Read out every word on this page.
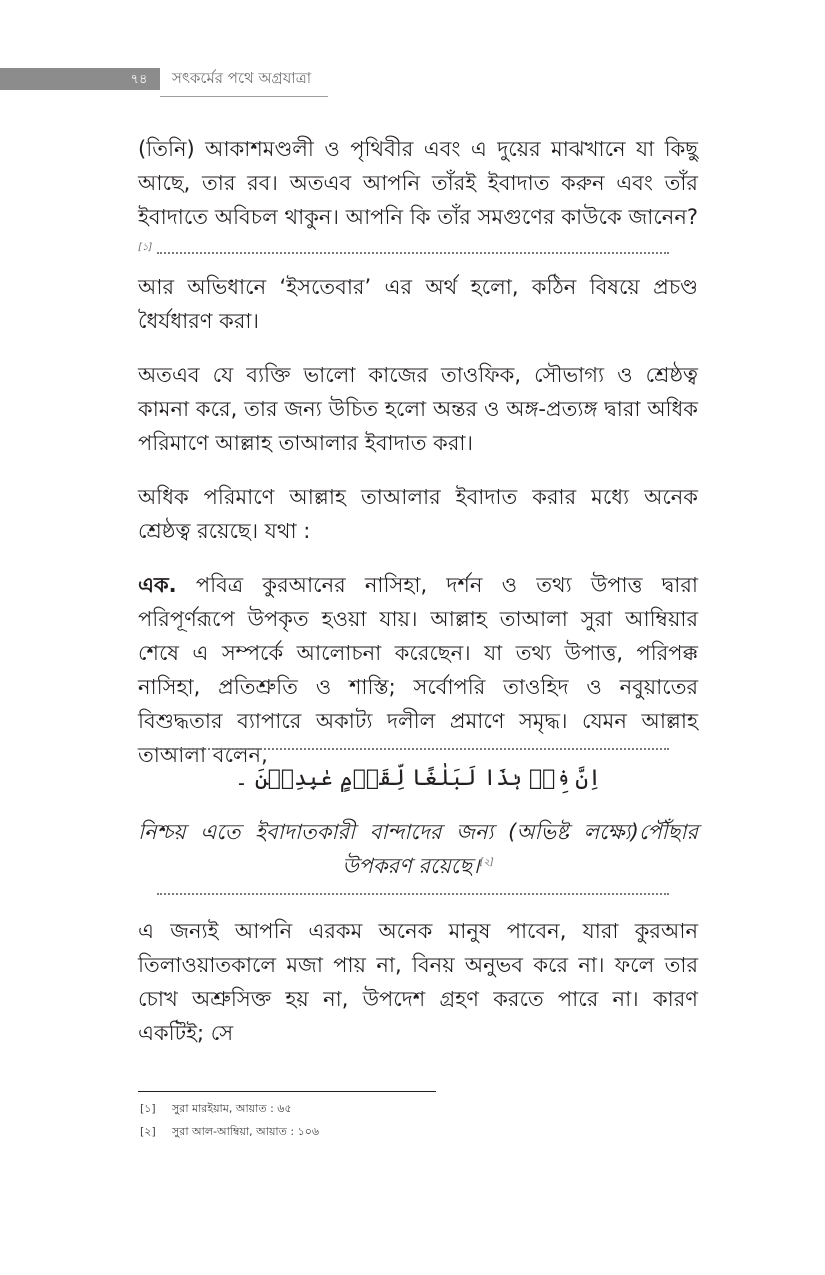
৭৪	সৎকর্মের পথে অগ্রযাত্রা

(তিনি) আকাশমণ্ডলী ও পৃথিবীর এবং এ দুয়ের মাঝখানে যা কিছু আছে, তার রব। অতএব আপনি তাঁরই ইবাদাত করুন এবং তাঁর ইবাদাতে অবিচল থাকুন। আপনি কি তাঁর সমগুণের কাউকে জানেন?[১]

আর অভিধানে ‘ইসতেবার’ এর অর্থ হলো, কঠিন বিষয়ে প্রচণ্ড ধৈর্যধারণ করা।

অতএব যে ব্যক্তি ভালো কাজের তাওফিক, সৌভাগ্য ও শ্রেষ্ঠত্ব কামনা করে, তার জন্য উচিত হলো অন্তর ও অঙ্গ-প্রত্যঙ্গ দ্বারা অধিক পরিমাণে আল্লাহ তাআলার ইবাদাত করা।

অধিক পরিমাণে আল্লাহ তাআলার ইবাদাত করার মধ্যে অনেক শ্রেষ্ঠত্ব রয়েছে। যথা :

এক. পবিত্র কুরআনের নাসিহা, দর্শন ও তথ্য উপাত্ত দ্বারা পরিপূর্ণরূপে উপকৃত হওয়া যায়। আল্লাহ তাআলা সুরা আম্বিয়ার শেষে এ সম্পর্কে আলোচনা করেছেন। যা তথ্য উপাত্ত, পরিপক্ক নাসিহা, প্রতিশ্রুতি ও শাস্তি; সর্বোপরি তাওহিদ ও নবুয়াতের বিশুদ্ধতার ব্যাপারে অকাট্য দলীল প্রমাণে সমৃদ্ধ। যেমন আল্লাহ তাআলা বলেন,

اِنَّ فِیۡ ہٰذَا لَبَلٰغًا لِّقَوۡمٍ عٰبِدِیۡنَ ۔

নিশ্চয় এতে ইবাদাতকারী বান্দাদের জন্য (অভিষ্ট লক্ষ্যে)পৌঁছার উপকরণ রয়েছে।[২]

এ জন্যই আপনি এরকম অনেক মানুষ পাবেন, যারা কুরআন তিলাওয়াতকালে মজা পায় না, বিনয় অনুভব করে না। ফলে তার চোখ অশ্রুসিক্ত হয় না, উপদেশ গ্রহণ করতে পারে না। কারণ একটিই; সে

[১] সুরা মারইয়াম, আয়াত : ৬৫
[২] সুরা আল-আম্বিয়া, আয়াত : ১০৬
